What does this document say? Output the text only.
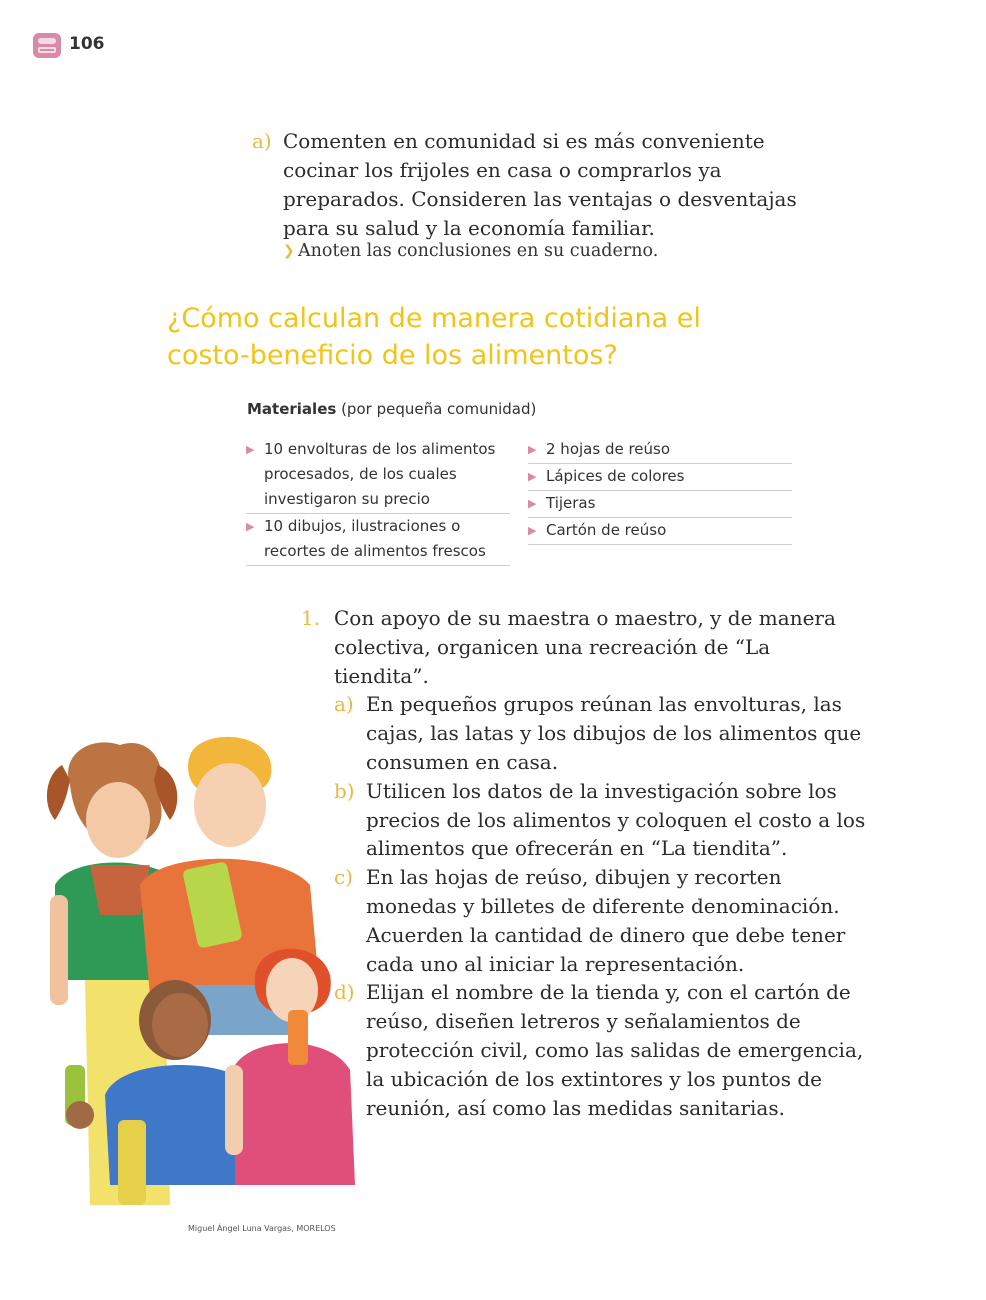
106
a) Comenten en comunidad si es más conveniente cocinar los frijoles en casa o comprarlos ya preparados. Consideren las ventajas o desventajas para su salud y la economía familiar.
❯ Anoten las conclusiones en su cuaderno.
¿Cómo calculan de manera cotidiana el
costo-beneficio de los alimentos?
Materiales (por pequeña comunidad)
▶ 10 envolturas de los alimentos procesados, de los cuales investigaron su precio
▶ 10 dibujos, ilustraciones o recortes de alimentos frescos
▶ 2 hojas de reúso
▶ Lápices de colores
▶ Tijeras
▶ Cartón de reúso
1. Con apoyo de su maestra o maestro, y de manera colectiva, organicen una recreación de “La tiendita”.
a) En pequeños grupos reúnan las envolturas, las cajas, las latas y los dibujos de los alimentos que consumen en casa.
b) Utilicen los datos de la investigación sobre los precios de los alimentos y coloquen el costo a los alimentos que ofrecerán en “La tiendita”.
c) En las hojas de reúso, dibujen y recorten monedas y billetes de diferente denominación. Acuerden la cantidad de dinero que debe tener cada uno al iniciar la representación.
d) Elijan el nombre de la tienda y, con el cartón de reúso, diseñen letreros y señalamientos de protección civil, como las salidas de emergencia, la ubicación de los extintores y los puntos de reunión, así como las medidas sanitarias.
Miguel Ángel Luna Vargas, MORELOS
